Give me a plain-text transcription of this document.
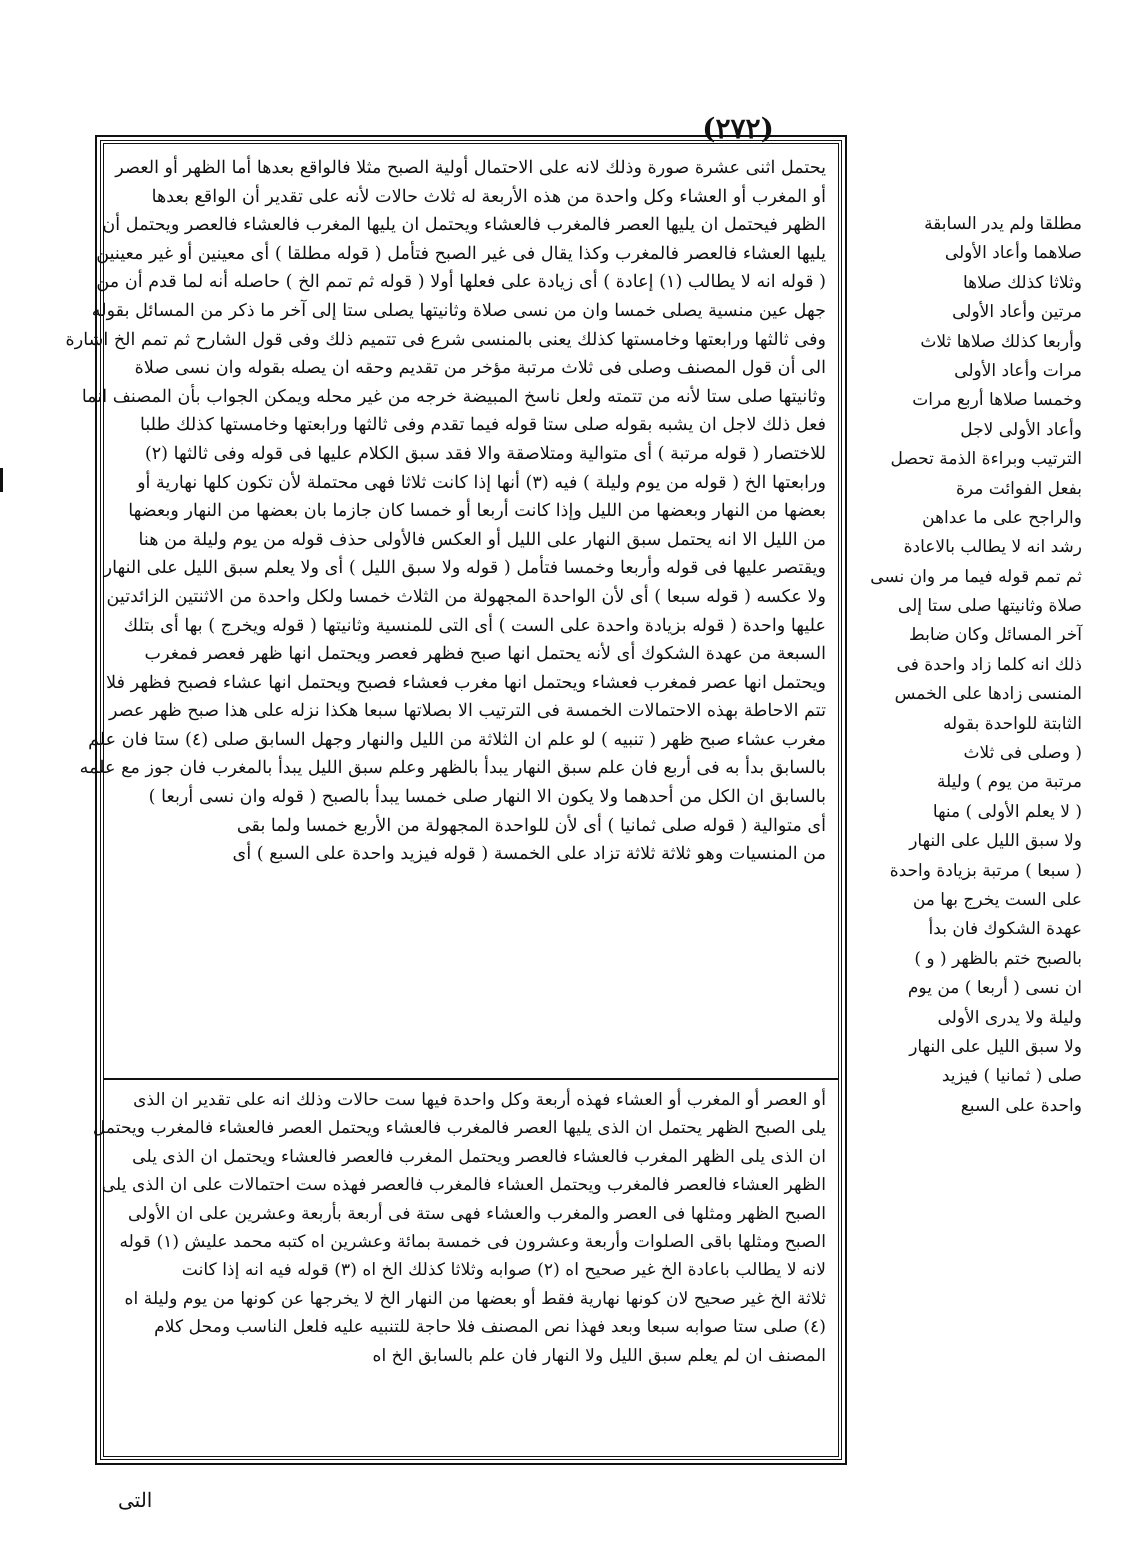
(٢٧٢)
يحتمل اثنى عشرة صورة وذلك لانه على الاحتمال أولية الصبح مثلا فالواقع بعدها أما الظهر أو العصر
أو المغرب أو العشاء وكل واحدة من هذه الأربعة له ثلاث حالات لأنه على تقدير أن الواقع بعدها
الظهر فيحتمل ان يليها العصر فالمغرب فالعشاء ويحتمل ان يليها المغرب فالعشاء فالعصر ويحتمل أن
يليها العشاء فالعصر فالمغرب وكذا يقال فى غير الصبح فتأمل ( قوله مطلقا ) أى معينين أو غير معينين
( قوله انه لا يطالب (١) إعادة ) أى زيادة على فعلها أولا ( قوله ثم تمم الخ ) حاصله أنه لما قدم أن من
جهل عين منسية يصلى خمسا وان من نسى صلاة وثانيتها يصلى ستا إلى آخر ما ذكر من المسائل بقوله
وفى ثالثها ورابعتها وخامستها كذلك يعنى بالمنسى شرع فى تتميم ذلك وفى قول الشارح ثم تمم الخ اشارة
الى أن قول المصنف وصلى فى ثلاث مرتبة مؤخر من تقديم وحقه ان يصله بقوله وان نسى صلاة
وثانيتها صلى ستا لأنه من تتمته ولعل ناسخ المبيضة خرجه من غير محله ويمكن الجواب بأن المصنف انما
فعل ذلك لاجل ان يشبه بقوله صلى ستا قوله فيما تقدم وفى ثالثها ورابعتها وخامستها كذلك طلبا
للاختصار ( قوله مرتبة ) أى متوالية ومتلاصقة والا فقد سبق الكلام عليها فى قوله وفى ثالثها (٢)
ورابعتها الخ ( قوله من يوم وليلة ) فيه (٣) أنها إذا كانت ثلاثا فهى محتملة لأن تكون كلها نهارية أو
بعضها من النهار وبعضها من الليل وإذا كانت أربعا أو خمسا كان جازما بان بعضها من النهار وبعضها
من الليل الا انه يحتمل سبق النهار على الليل أو العكس فالأولى حذف قوله من يوم وليلة من هنا
ويقتصر عليها فى قوله وأربعا وخمسا فتأمل ( قوله ولا سبق الليل ) أى ولا يعلم سبق الليل على النهار
ولا عكسه ( قوله سبعا ) أى لأن الواحدة المجهولة من الثلاث خمسا ولكل واحدة من الاثنتين الزائدتين
عليها واحدة ( قوله بزيادة واحدة على الست ) أى التى للمنسية وثانيتها ( قوله ويخرج ) بها أى بتلك
السبعة من عهدة الشكوك أى لأنه يحتمل انها صبح فظهر فعصر ويحتمل انها ظهر فعصر فمغرب
ويحتمل انها عصر فمغرب فعشاء ويحتمل انها مغرب فعشاء فصبح ويحتمل انها عشاء فصبح فظهر فلا
تتم الاحاطة بهذه الاحتمالات الخمسة فى الترتيب الا بصلاتها سبعا هكذا نزله على هذا صبح ظهر عصر
مغرب عشاء صبح ظهر ( تنبيه ) لو علم ان الثلاثة من الليل والنهار وجهل السابق صلى (٤) ستا فان علم
بالسابق بدأ به فى أربع فان علم سبق النهار يبدأ بالظهر وعلم سبق الليل يبدأ بالمغرب فان جوز مع علمه
بالسابق ان الكل من أحدهما ولا يكون الا النهار صلى خمسا يبدأ بالصبح ( قوله وان نسى أربعا )
أى متوالية ( قوله صلى ثمانيا ) أى لأن للواحدة المجهولة من الأربع خمسا ولما بقى
من المنسيات وهو ثلاثة ثلاثة تزاد على الخمسة ( قوله فيزيد واحدة على السبع ) أى
أو العصر أو المغرب أو العشاء فهذه أربعة وكل واحدة فيها ست حالات وذلك انه على تقدير ان الذى
يلى الصبح الظهر يحتمل ان الذى يليها العصر فالمغرب فالعشاء ويحتمل العصر فالعشاء فالمغرب ويحتمل
ان الذى يلى الظهر المغرب فالعشاء فالعصر ويحتمل المغرب فالعصر فالعشاء ويحتمل ان الذى يلى
الظهر العشاء فالعصر فالمغرب ويحتمل العشاء فالمغرب فالعصر فهذه ست احتمالات على ان الذى يلى
الصبح الظهر ومثلها فى العصر والمغرب والعشاء فهى ستة فى أربعة بأربعة وعشرين على ان الأولى
الصبح ومثلها باقى الصلوات وأربعة وعشرون فى خمسة بمائة وعشرين اه كتبه محمد عليش (١) قوله
لانه لا يطالب باعادة الخ غير صحيح اه (٢) صوابه وثلاثا كذلك الخ اه (٣) قوله فيه انه إذا كانت
ثلاثة الخ غير صحيح لان كونها نهارية فقط أو بعضها من النهار الخ لا يخرجها عن كونها من يوم وليلة اه
(٤) صلى ستا صوابه سبعا وبعد فهذا نص المصنف فلا حاجة للتنبيه عليه فلعل الناسب ومحل كلام
المصنف ان لم يعلم سبق الليل ولا النهار فان علم بالسابق الخ اه
مطلقا ولم يدر السابقة
صلاهما وأعاد الأولى
وثلاثا كذلك صلاها
مرتين وأعاد الأولى
وأربعا كذلك صلاها ثلاث
مرات وأعاد الأولى
وخمسا صلاها أربع مرات
وأعاد الأولى لاجل
الترتيب وبراءة الذمة تحصل
بفعل الفوائت مرة
والراجح على ما عداهن
رشد انه لا يطالب بالاعادة
ثم تمم قوله فيما مر وان نسى
صلاة وثانيتها صلى ستا إلى
آخر المسائل وكان ضابط
ذلك انه كلما زاد واحدة فى
المنسى زادها على الخمس
الثابتة للواحدة بقوله
( وصلى فى ثلاث
مرتبة من يوم ) وليلة
( لا يعلم الأولى ) منها
ولا سبق الليل على النهار
( سبعا ) مرتبة بزيادة واحدة
على الست يخرج بها من
عهدة الشكوك فان بدأ
بالصبح ختم بالظهر ( و )
ان نسى ( أربعا ) من يوم
وليلة ولا يدرى الأولى
ولا سبق الليل على النهار
صلى ( ثمانيا ) فيزيد
واحدة على السبع
التى
